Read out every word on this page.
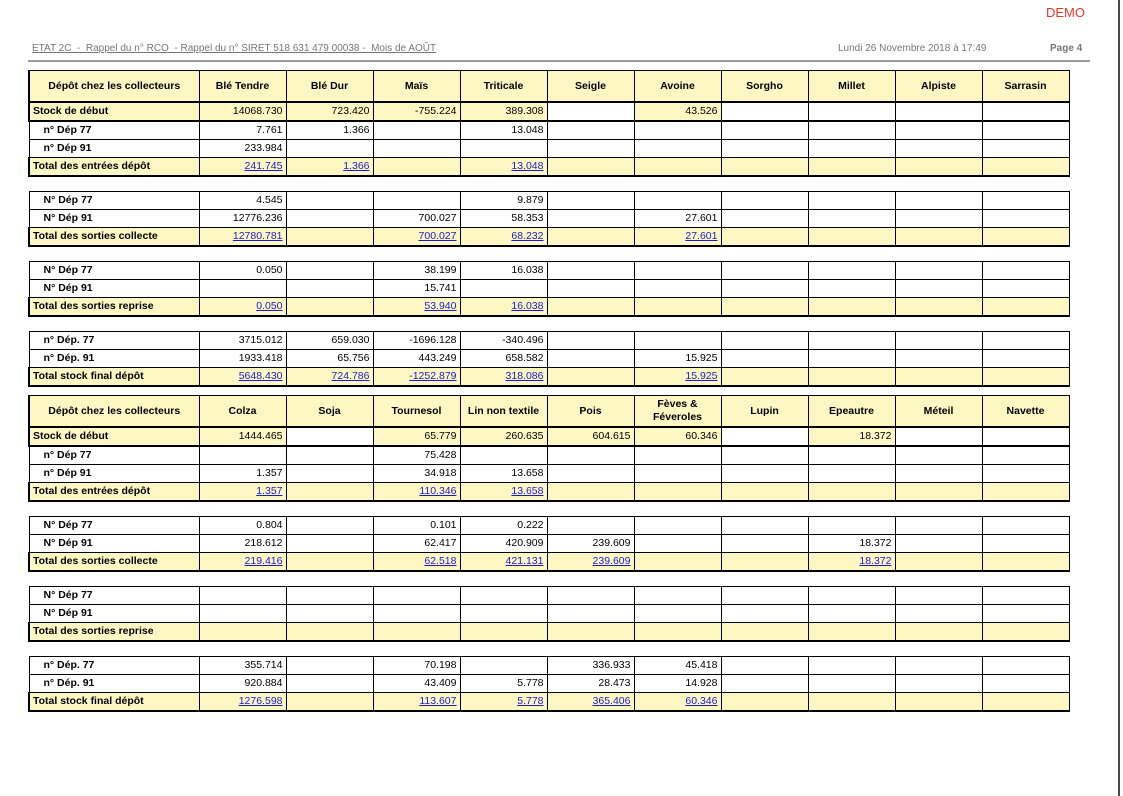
DEMO
ETAT 2C  -  Rappel du n° RCO  - Rappel du n° SIRET 518 631 479 00038 -  Mois de AOÛT	Lundi 26 Novembre 2018 à 17:49	Page 4
Dépôt chez les collecteurs	Blé Tendre	Blé Dur	Maïs	Triticale	Seigle	Avoine	Sorgho	Millet	Alpiste	Sarrasin
Stock de début	14068.730	723.420	-755.224	389.308		43.526				
n° Dép 77	7.761	1.366		13.048						
n° Dép 91	233.984									
Total des entrées dépôt	241.745	1.366		13.048						

N° Dép 77	4.545			9.879						
N° Dép 91	12776.236		700.027	58.353		27.601				
Total des sorties collecte	12780.781		700.027	68.232		27.601				

N° Dép 77	0.050		38.199	16.038						
N° Dép 91			15.741							
Total des sorties reprise	0.050		53.940	16.038						

n° Dép. 77	3715.012	659.030	-1696.128	-340.496						
n° Dép. 91	1933.418	65.756	443.249	658.582		15.925				
Total stock final dépôt	5648.430	724.786	-1252.879	318.086		15.925				
Dépôt chez les collecteurs	Colza	Soja	Tournesol	Lin non textile	Pois	Fèves & Féveroles	Lupin	Epeautre	Méteil	Navette
Stock de début	1444.465		65.779	260.635	604.615	60.346		18.372		
n° Dép 77			75.428							
n° Dép 91	1.357		34.918	13.658						
Total des entrées dépôt	1.357		110.346	13.658						

N° Dép 77	0.804		0.101	0.222						
N° Dép 91	218.612		62.417	420.909	239.609			18.372		
Total des sorties collecte	219.416		62.518	421.131	239.609			18.372		

N° Dép 77										
N° Dép 91										
Total des sorties reprise										

n° Dép. 77	355.714		70.198		336.933	45.418				
n° Dép. 91	920.884		43.409	5.778	28.473	14.928				
Total stock final dépôt	1276.598		113.607	5.778	365.406	60.346				
